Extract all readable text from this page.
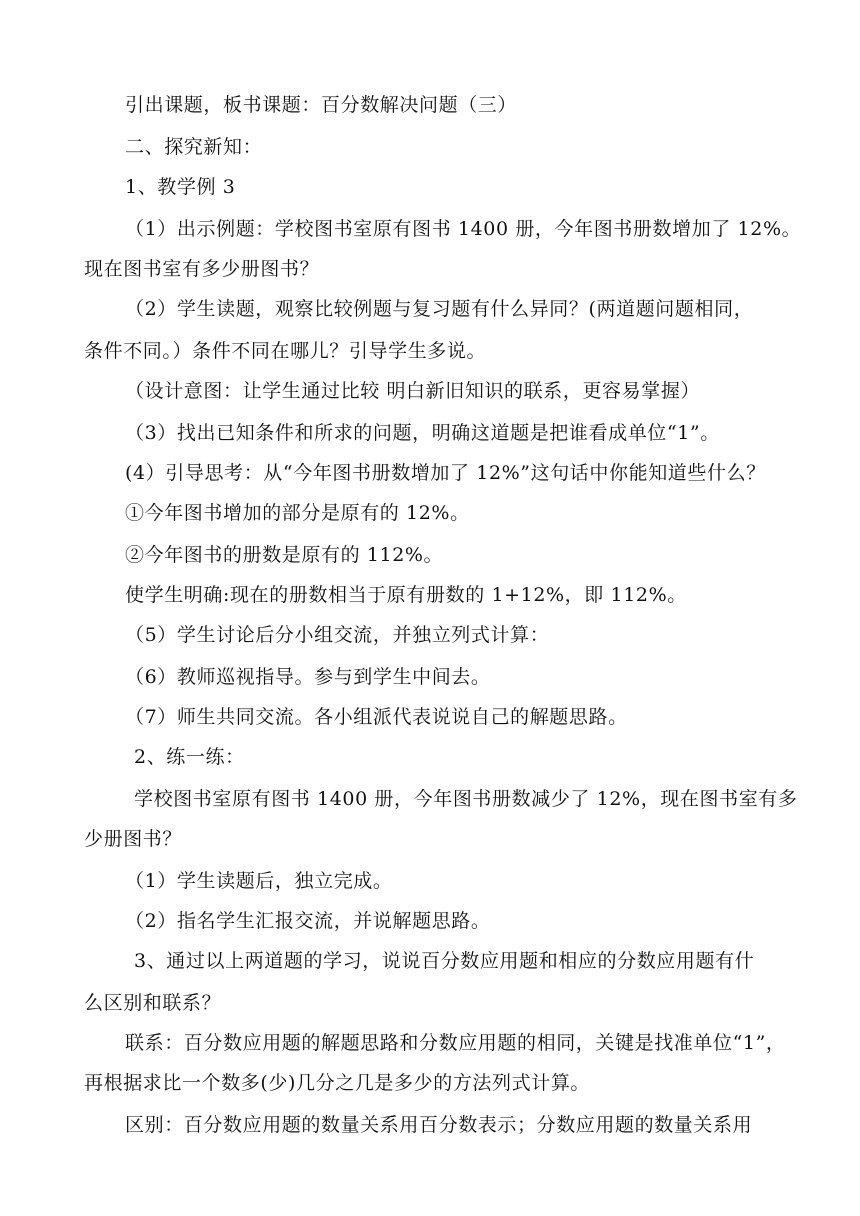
引出课题，板书课题：百分数解决问题（三）
二、探究新知：
1、教学例 3
（1）出示例题：学校图书室原有图书 1400 册，今年图书册数增加了 12%。
现在图书室有多少册图书？
（2）学生读题，观察比较例题与复习题有什么异同？(两道题问题相同，
条件不同。）条件不同在哪儿？引导学生多说。
（设计意图：让学生通过比较 明白新旧知识的联系，更容易掌握）
（3）找出已知条件和所求的问题，明确这道题是把谁看成单位“1”。
(4）引导思考：从“今年图书册数增加了 12%”这句话中你能知道些什么？
①今年图书增加的部分是原有的 12%。
②今年图书的册数是原有的 112%。
使学生明确:现在的册数相当于原有册数的 1+12%，即 112%。
（5）学生讨论后分小组交流，并独立列式计算：
（6）教师巡视指导。参与到学生中间去。
（7）师生共同交流。各小组派代表说说自己的解题思路。
2、练一练：
学校图书室原有图书 1400 册，今年图书册数减少了 12%，现在图书室有多
少册图书？
（1）学生读题后，独立完成。
（2）指名学生汇报交流，并说解题思路。
3、通过以上两道题的学习，说说百分数应用题和相应的分数应用题有什
么区别和联系？
联系：百分数应用题的解题思路和分数应用题的相同，关键是找准单位“1”，
再根据求比一个数多(少)几分之几是多少的方法列式计算。
区别：百分数应用题的数量关系用百分数表示；分数应用题的数量关系用
